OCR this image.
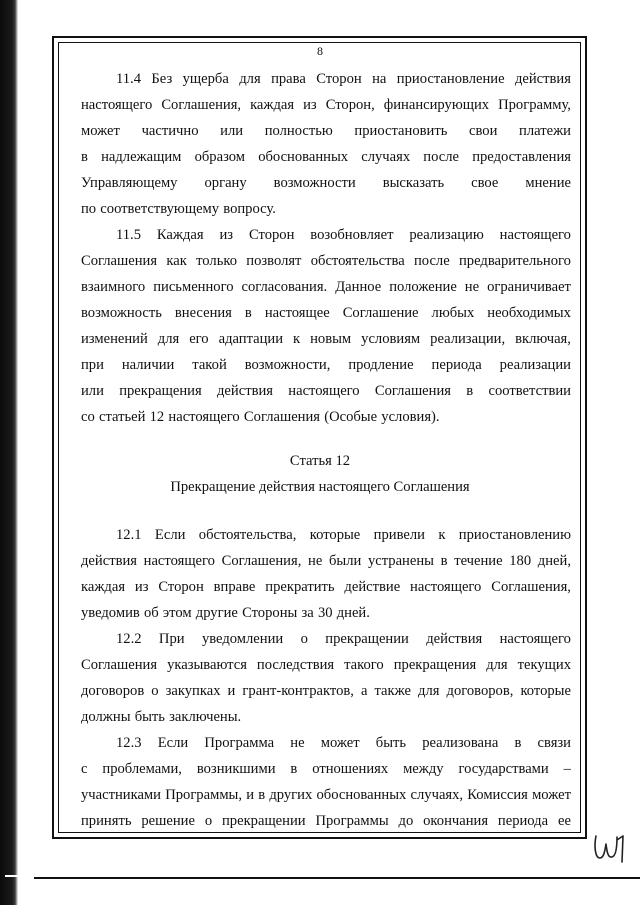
8
11.4 Без ущерба для права Сторон на приостановление действия
настоящего Соглашения, каждая из Сторон, финансирующих Программу,
может частично или полностью приостановить свои платежи
в надлежащим образом обоснованных случаях после предоставления
Управляющему органу возможности высказать свое мнение
по соответствующему вопросу.
11.5 Каждая из Сторон возобновляет реализацию настоящего
Соглашения как только позволят обстоятельства после предварительного
взаимного письменного согласования. Данное положение не ограничивает
возможность внесения в настоящее Соглашение любых необходимых
изменений для его адаптации к новым условиям реализации, включая,
при наличии такой возможности, продление периода реализации
или прекращения действия настоящего Соглашения в соответствии
со статьей 12 настоящего Соглашения (Особые условия).
Статья 12
Прекращение действия настоящего Соглашения
12.1 Если обстоятельства, которые привели к приостановлению
действия настоящего Соглашения, не были устранены в течение 180 дней,
каждая из Сторон вправе прекратить действие настоящего Соглашения,
уведомив об этом другие Стороны за 30 дней.
12.2 При уведомлении о прекращении действия настоящего
Соглашения указываются последствия такого прекращения для текущих
договоров о закупках и грант-контрактов, а также для договоров, которые
должны быть заключены.
12.3 Если Программа не может быть реализована в связи
с проблемами, возникшими в отношениях между государствами –
участниками Программы, и в других обоснованных случаях, Комиссия может
принять решение о прекращении Программы до окончания периода ее
